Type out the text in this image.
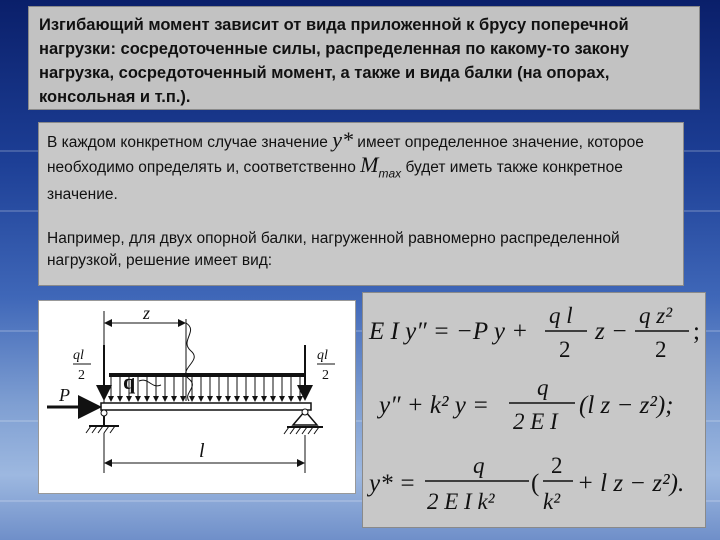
Изгибающий момент зависит от вида приложенной к брусу поперечной нагрузки: сосредоточенные силы, распределенная по какому-то закону нагрузка, сосредоточенный момент, а также и вида балки (на опорах, консольная и т.п.).

В каждом конкретном случае значение y* имеет определенное значение, которое необходимо определять и, соответственно $M_{max}$ будет иметь также конкретное значение.

Например, для двух опорной балки, нагруженной равномерно распределенной нагрузкой, решение имеет вид:

z
q
P
ql
2
ql
2
l
E I y″ = −P y +
q l
2
z −
q z²
2
;
y″ + k² y =
q
2 E I
(l z − z²);
y* =
q
2 E I k²
(
2
k²
+ l z − z²).
